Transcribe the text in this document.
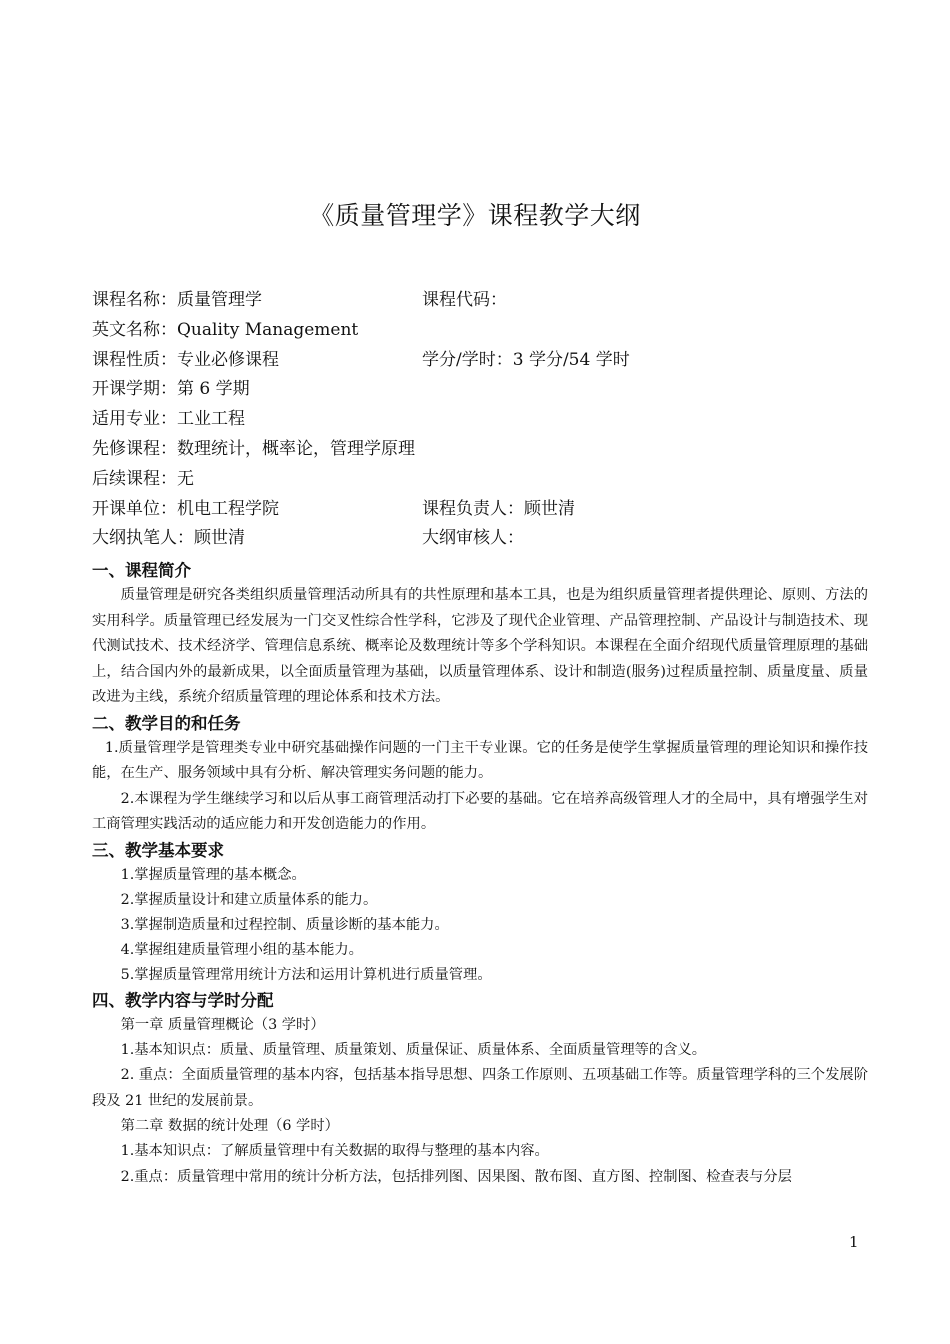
《质量管理学》课程教学大纲
课程名称：质量管理学	课程代码：
英文名称：Quality Management
课程性质：专业必修课程	学分/学时：3 学分/54 学时
开课学期：第 6 学期
适用专业：工业工程
先修课程：数理统计，概率论，管理学原理
后续课程：无
开课单位：机电工程学院	课程负责人：顾世清
大纲执笔人：顾世清	大纲审核人：
一、课程简介

质量管理是研究各类组织质量管理活动所具有的共性原理和基本工具，也是为组织质量管理者提供理论、原则、方法的实用科学。质量管理已经发展为一门交叉性综合性学科，它涉及了现代企业管理、产品管理控制、产品设计与制造技术、现代测试技术、技术经济学、管理信息系统、概率论及数理统计等多个学科知识。本课程在全面介绍现代质量管理原理的基础上，结合国内外的最新成果，以全面质量管理为基础，以质量管理体系、设计和制造(服务)过程质量控制、质量度量、质量改进为主线，系统介绍质量管理的理论体系和技术方法。

二、教学目的和任务

1.质量管理学是管理类专业中研究基础操作问题的一门主干专业课。它的任务是使学生掌握质量管理的理论知识和操作技能，在生产、服务领域中具有分析、解决管理实务问题的能力。

2.本课程为学生继续学习和以后从事工商管理活动打下必要的基础。它在培养高级管理人才的全局中，具有增强学生对工商管理实践活动的适应能力和开发创造能力的作用。

三、教学基本要求
1.掌握质量管理的基本概念。
2.掌握质量设计和建立质量体系的能力。
3.掌握制造质量和过程控制、质量诊断的基本能力。
4.掌握组建质量管理小组的基本能力。
5.掌握质量管理常用统计方法和运用计算机进行质量管理。
四、教学内容与学时分配
第一章 质量管理概论（3 学时）

1.基本知识点：质量、质量管理、质量策划、质量保证、质量体系、全面质量管理等的含义。

2. 重点：全面质量管理的基本内容，包括基本指导思想、四条工作原则、五项基础工作等。质量管理学科的三个发展阶段及 21 世纪的发展前景。

第二章 数据的统计处理（6 学时）

1.基本知识点：了解质量管理中有关数据的取得与整理的基本内容。

2.重点：质量管理中常用的统计分析方法，包括排列图、因果图、散布图、直方图、控制图、检查表与分层

1
